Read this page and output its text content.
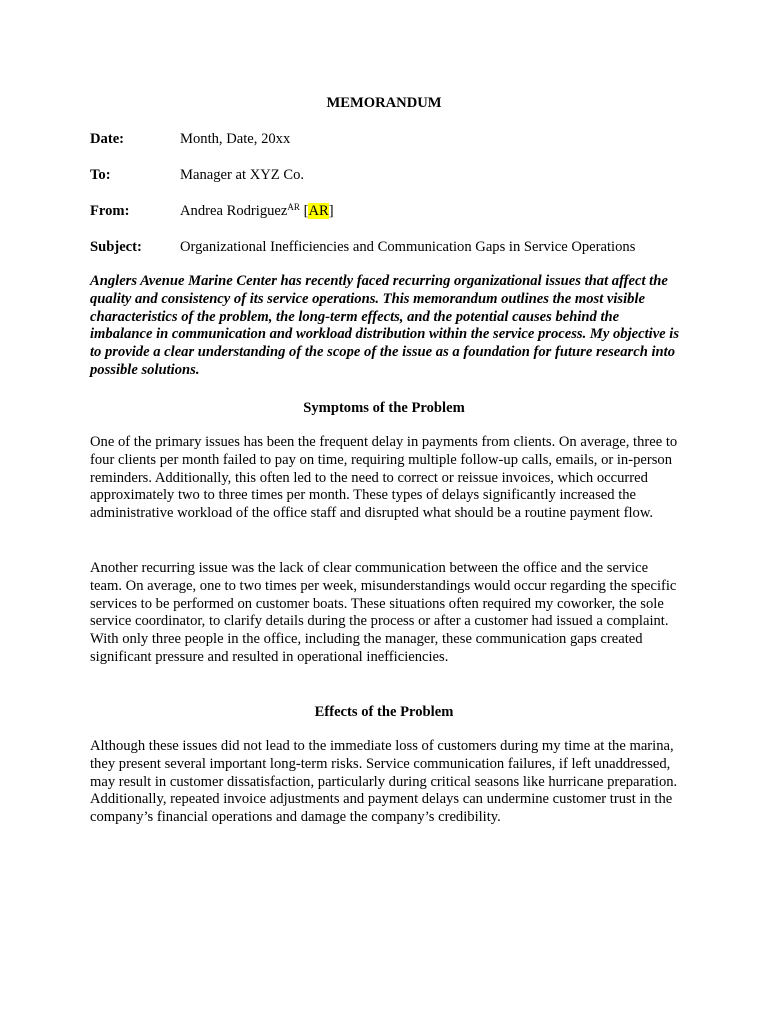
MEMORANDUM
Date:	Month, Date, 20xx
To:	Manager at XYZ Co.
From:	Andrea Rodriguez$^{AR}$ [AR]
Subject:	Organizational Inefficiencies and Communication Gaps in Service Operations

Anglers Avenue Marine Center has recently faced recurring organizational issues that affect the quality and consistency of its service operations. This memorandum outlines the most visible characteristics of the problem, the long-term effects, and the potential causes behind the imbalance in communication and workload distribution within the service process. My objective is to provide a clear understanding of the scope of the issue as a foundation for future research into possible solutions.

Symptoms of the Problem

One of the primary issues has been the frequent delay in payments from clients. On average, three to four clients per month failed to pay on time, requiring multiple follow-up calls, emails, or in-person reminders. Additionally, this often led to the need to correct or reissue invoices, which occurred approximately two to three times per month. These types of delays significantly increased the administrative workload of the office staff and disrupted what should be a routine payment flow.

Another recurring issue was the lack of clear communication between the office and the service team. On average, one to two times per week, misunderstandings would occur regarding the specific services to be performed on customer boats. These situations often required my coworker, the sole service coordinator, to clarify details during the process or after a customer had issued a complaint. With only three people in the office, including the manager, these communication gaps created significant pressure and resulted in operational inefficiencies.

Effects of the Problem

Although these issues did not lead to the immediate loss of customers during my time at the marina, they present several important long-term risks. Service communication failures, if left unaddressed, may result in customer dissatisfaction, particularly during critical seasons like hurricane preparation. Additionally, repeated invoice adjustments and payment delays can undermine customer trust in the company’s financial operations and damage the company’s credibility.
